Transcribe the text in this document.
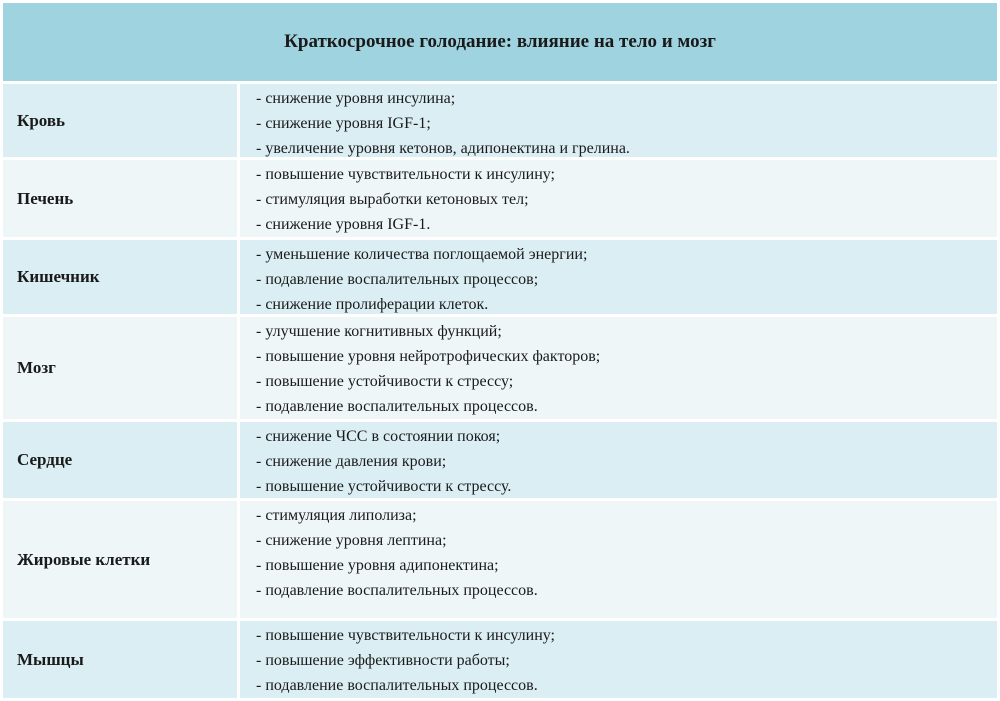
Краткосрочное голодание: влияние на тело и мозг
Кровь
- снижение уровня инсулина;
- снижение уровня IGF-1;
- увеличение уровня кетонов, адипонектина и грелина.
Печень
- повышение чувствительности к инсулину;
- стимуляция выработки кетоновых тел;
- снижение уровня IGF-1.
Кишечник
- уменьшение количества поглощаемой энергии;
- подавление воспалительных процессов;
- снижение пролиферации клеток.
Мозг
- улучшение когнитивных функций;
- повышение уровня нейротрофических факторов;
- повышение устойчивости к стрессу;
- подавление воспалительных процессов.
Сердце
- снижение ЧСС в состоянии покоя;
- снижение давления крови;
- повышение устойчивости к стрессу.
Жировые клетки
- стимуляция липолиза;
- снижение уровня лептина;
- повышение уровня адипонектина;
- подавление воспалительных процессов.
Мышцы
- повышение чувствительности к инсулину;
- повышение эффективности работы;
- подавление воспалительных процессов.
